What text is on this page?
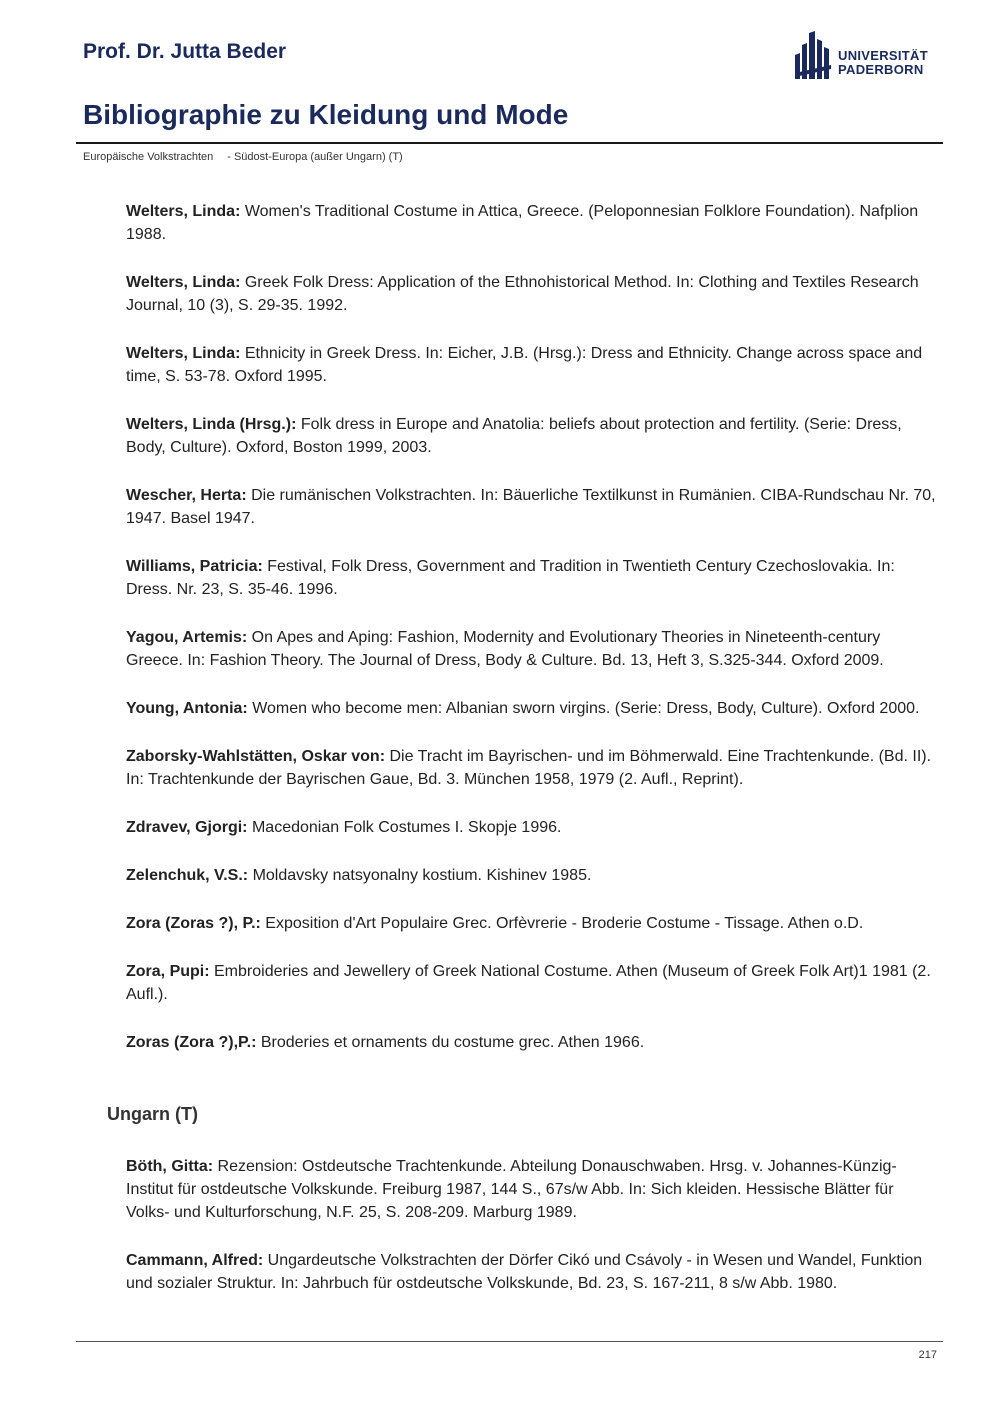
Prof. Dr. Jutta Beder	UNIVERSITÄT
PADERBORN
Bibliographie zu Kleidung und Mode
Europäische Volkstrachten - Südost-Europa (außer Ungarn) (T)

Welters, Linda: Women's Traditional Costume in Attica, Greece. (Peloponnesian Folklore Foundation). Nafplion 1988.

Welters, Linda: Greek Folk Dress: Application of the Ethnohistorical Method. In: Clothing and Textiles Research Journal, 10 (3), S. 29-35. 1992.

Welters, Linda: Ethnicity in Greek Dress. In: Eicher, J.B. (Hrsg.): Dress and Ethnicity. Change across space and time, S. 53-78. Oxford 1995.

Welters, Linda (Hrsg.): Folk dress in Europe and Anatolia: beliefs about protection and fertility. (Serie: Dress, Body, Culture). Oxford, Boston 1999, 2003.

Wescher, Herta: Die rumänischen Volkstrachten. In: Bäuerliche Textilkunst in Rumänien. CIBA-Rundschau Nr. 70, 1947. Basel 1947.

Williams, Patricia: Festival, Folk Dress, Government and Tradition in Twentieth Century Czechoslovakia. In: Dress. Nr. 23, S. 35-46. 1996.

Yagou, Artemis: On Apes and Aping: Fashion, Modernity and Evolutionary Theories in Nineteenth-century Greece. In: Fashion Theory. The Journal of Dress, Body & Culture. Bd. 13, Heft 3, S.325-344. Oxford 2009.

Young, Antonia: Women who become men: Albanian sworn virgins. (Serie: Dress, Body, Culture). Oxford 2000.

Zaborsky-Wahlstätten, Oskar von: Die Tracht im Bayrischen- und im Böhmerwald. Eine Trachtenkunde. (Bd. II). In: Trachtenkunde der Bayrischen Gaue, Bd. 3. München 1958, 1979 (2. Aufl., Reprint).

Zdravev, Gjorgi: Macedonian Folk Costumes I. Skopje 1996.

Zelenchuk, V.S.: Moldavsky natsyonalny kostium. Kishinev 1985.

Zora (Zoras ?), P.: Exposition d'Art Populaire Grec. Orfèvrerie - Broderie Costume - Tissage. Athen o.D.

Zora, Pupi: Embroideries and Jewellery of Greek National Costume. Athen (Museum of Greek Folk Art)1 1981 (2. Aufl.).

Zoras (Zora ?),P.: Broderies et ornaments du costume grec. Athen 1966.

Ungarn (T)

Böth, Gitta: Rezension: Ostdeutsche Trachtenkunde. Abteilung Donauschwaben. Hrsg. v. Johannes-Künzig-Institut für ostdeutsche Volkskunde. Freiburg 1987, 144 S., 67s/w Abb. In: Sich kleiden. Hessische Blätter für Volks- und Kulturforschung, N.F. 25, S. 208-209. Marburg 1989.

Cammann, Alfred: Ungardeutsche Volkstrachten der Dörfer Cikó und Csávoly - in Wesen und Wandel, Funktion und sozialer Struktur. In: Jahrbuch für ostdeutsche Volkskunde, Bd. 23, S. 167-211, 8 s/w Abb. 1980.

217
